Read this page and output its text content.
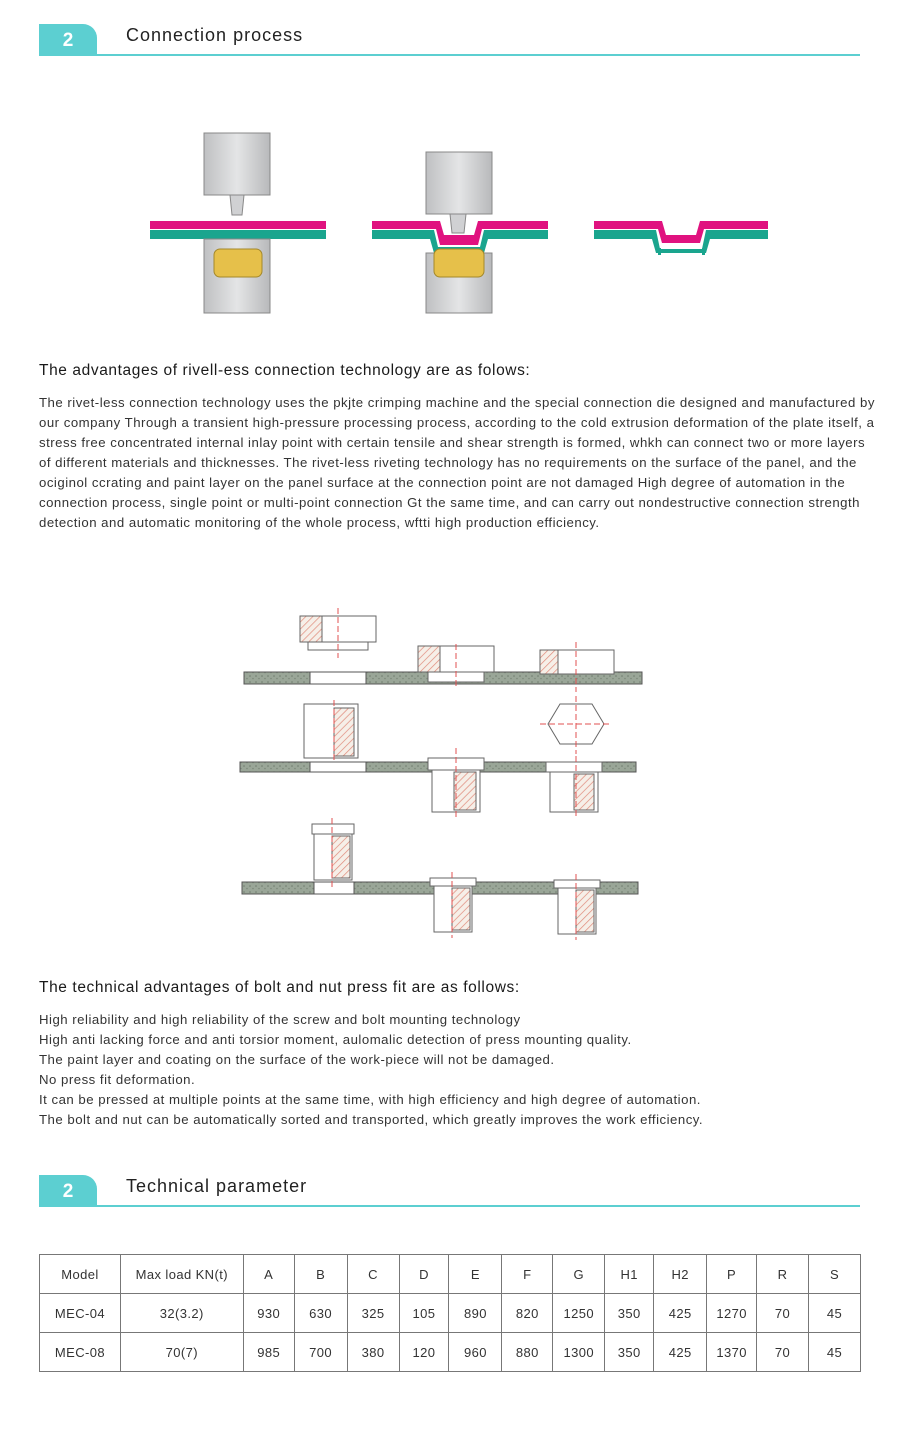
2	Connection process
The advantages of rivell-ess connection technology are as folows:

The rivet-less connection technology uses the pkjte crimping machine and the special connection die designed and manufactured by our company Through a transient high-pressure processing process, according to the cold extrusion deformation of the plate itself, a stress free concentrated internal inlay point with certain tensile and shear strength is formed, whkh can connect two or more layers of different materials and thicknesses. The rivet-less riveting technology has no requirements on the surface of the panel, and the ociginol ccrating and paint layer on the panel surface at the connection point are not damaged High degree of automation in the connection process, single point or multi-point connection Gt the same time, and can carry out nondestructive connection strength detection and automatic monitoring of the whole process, wftti high production efficiency.

The technical advantages of bolt and nut press fit are as follows:
High reliability and high reliability of the screw and bolt mounting technology
High anti lacking force and anti torsior moment, aulomalic detection of press mounting quality.
The paint layer and coating on the surface of the work-piece will not be damaged.
No press fit deformation.
It can be pressed at multiple points at the same time, with high efficiency and high degree of automation.
The bolt and nut can be automatically sorted and transported, which greatly improves the work efficiency.
2	Technical parameter
Model	Max load KN(t)	A	B	C	D	E	F	G	H1	H2	P	R	S
MEC-04	32(3.2)	930	630	325	105	890	820	1250	350	425	1270	70	45
MEC-08	70(7)	985	700	380	120	960	880	1300	350	425	1370	70	45
